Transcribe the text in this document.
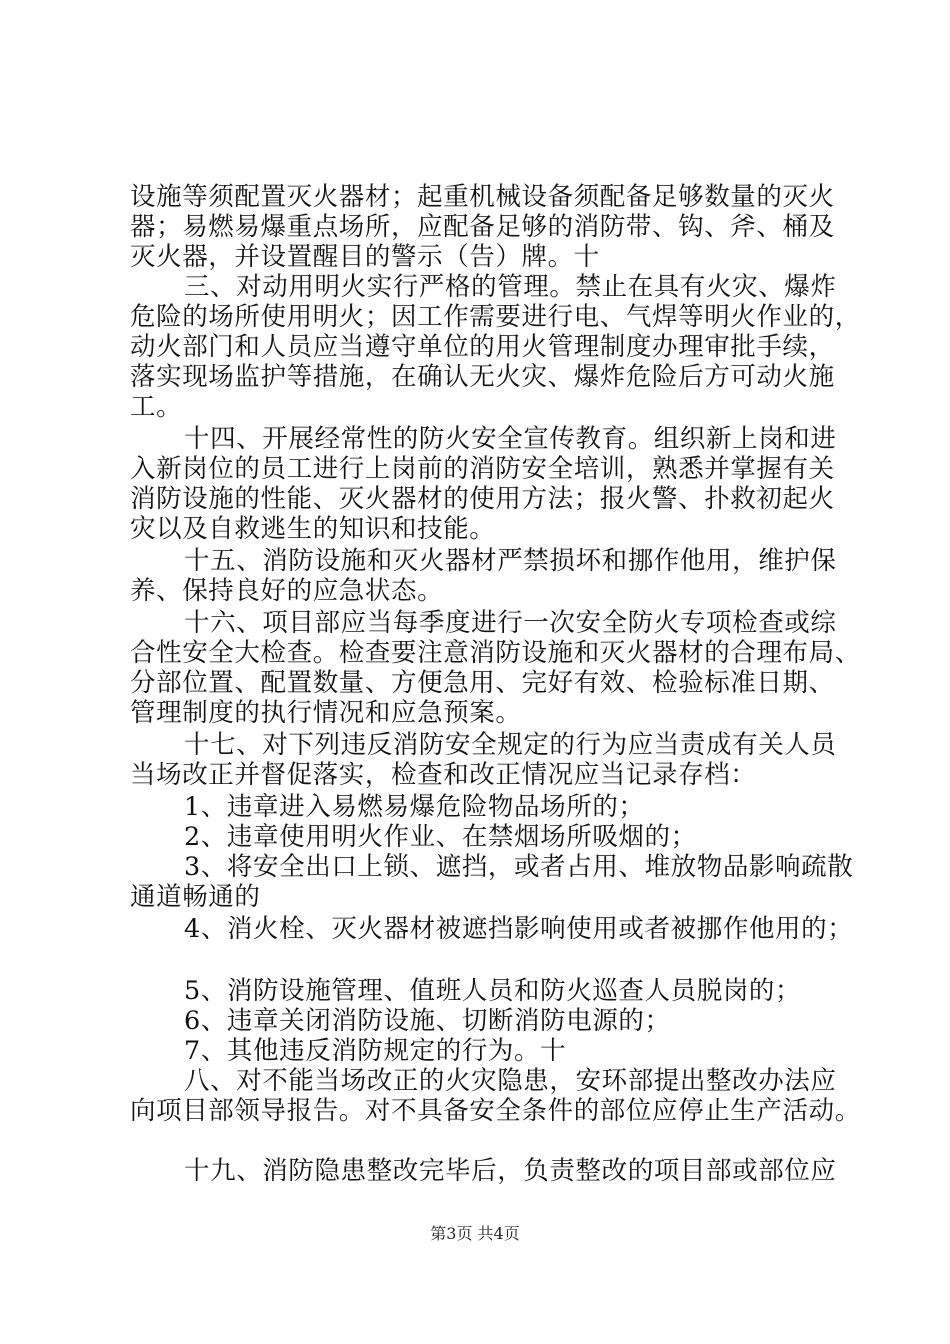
设施等须配置灭火器材；起重机械设备须配备足够数量的灭火
器；易燃易爆重点场所，应配备足够的消防带、钩、斧、桶及
灭火器，并设置醒目的警示（告）牌。十
三、对动用明火实行严格的管理。禁止在具有火灾、爆炸
危险的场所使用明火；因工作需要进行电、气焊等明火作业的，
动火部门和人员应当遵守单位的用火管理制度办理审批手续，
落实现场监护等措施，在确认无火灾、爆炸危险后方可动火施
工。
十四、开展经常性的防火安全宣传教育。组织新上岗和进
入新岗位的员工进行上岗前的消防安全培训，熟悉并掌握有关
消防设施的性能、灭火器材的使用方法；报火警、扑救初起火
灾以及自救逃生的知识和技能。
十五、消防设施和灭火器材严禁损坏和挪作他用，维护保
养、保持良好的应急状态。
十六、项目部应当每季度进行一次安全防火专项检查或综
合性安全大检查。检查要注意消防设施和灭火器材的合理布局、
分部位置、配置数量、方便急用、完好有效、检验标准日期、
管理制度的执行情况和应急预案。
十七、对下列违反消防安全规定的行为应当责成有关人员
当场改正并督促落实，检查和改正情况应当记录存档：
1、违章进入易燃易爆危险物品场所的；
2、违章使用明火作业、在禁烟场所吸烟的；
3、将安全出口上锁、遮挡，或者占用、堆放物品影响疏散
通道畅通的
4、消火栓、灭火器材被遮挡影响使用或者被挪作他用的；
5、消防设施管理、值班人员和防火巡查人员脱岗的；
6、违章关闭消防设施、切断消防电源的；
7、其他违反消防规定的行为。十
八、对不能当场改正的火灾隐患，安环部提出整改办法应
向项目部领导报告。对不具备安全条件的部位应停止生产活动。
十九、消防隐患整改完毕后，负责整改的项目部或部位应
第3页 共4页
